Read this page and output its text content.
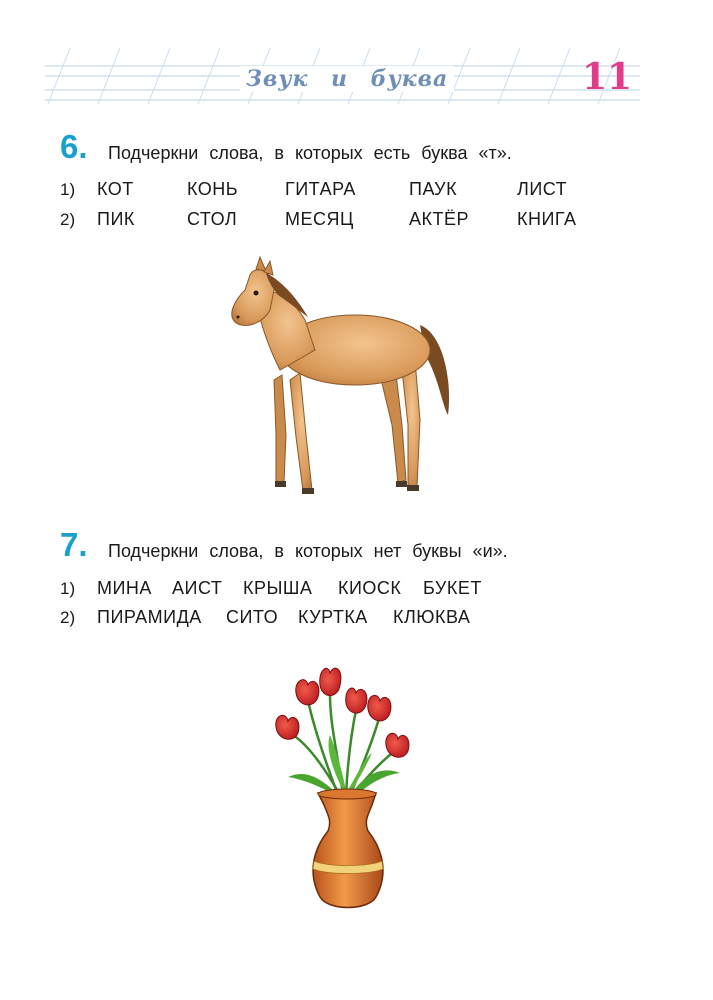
Звук и буква	11
6. Подчеркни слова, в которых есть буква «т».
1) КОТ	КОНЬ	ГИТАРА	ПАУК	ЛИСТ
2) ПИК	СТОЛ	МЕСЯЦ	АКТЁР	КНИГА
7. Подчеркни слова, в которых нет буквы «и».
1) МИНА АИСТ КРЫША КИОСК БУКЕТ
2) ПИРАМИДА СИТО КУРТКА КЛЮКВА
